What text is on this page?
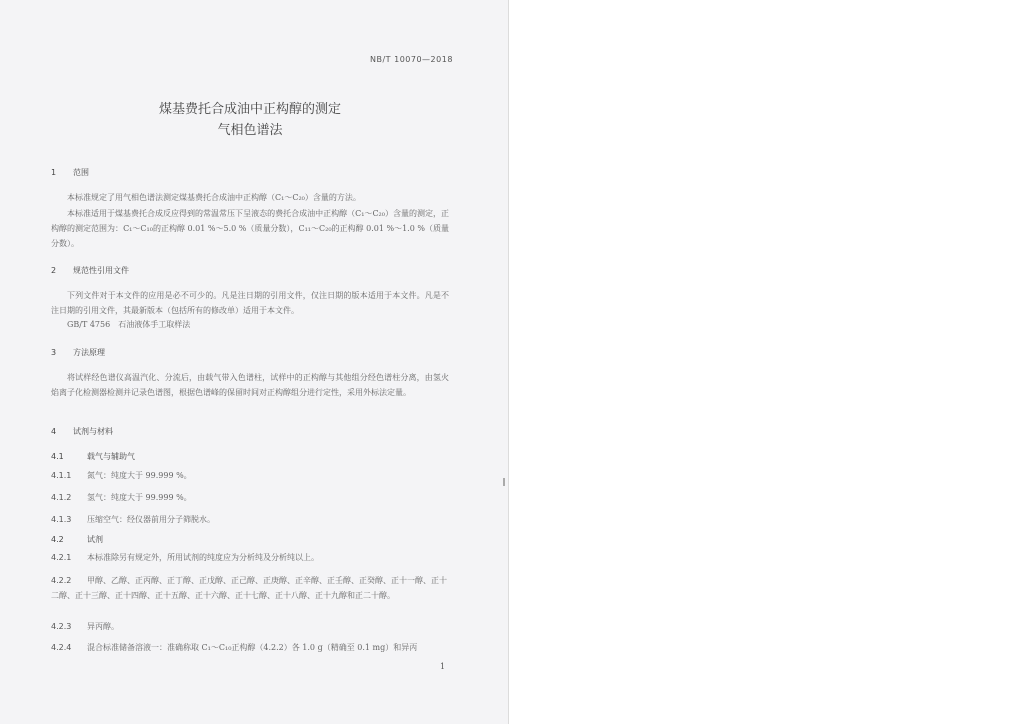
NB/T 10070—2018
煤基费托合成油中正构醇的测定
气相色谱法
1 范围
本标准规定了用气相色谱法测定煤基费托合成油中正构醇（C₁～C₂₀）含量的方法。
本标准适用于煤基费托合成反应得到的常温常压下呈液态的费托合成油中正构醇（C₁～C₂₀）含量的测定，正构醇的测定范围为：C₁～C₁₀的正构醇 0.01 %～5.0 %（质量分数），C₁₁～C₂₀的正构醇 0.01 %～1.0 %（质量分数）。
2 规范性引用文件
下列文件对于本文件的应用是必不可少的。凡是注日期的引用文件，仅注日期的版本适用于本文件。凡是不注日期的引用文件，其最新版本（包括所有的修改单）适用于本文件。
GB/T 4756　石油液体手工取样法
3 方法原理
将试样经色谱仪高温汽化、分流后，由载气带入色谱柱，试样中的正构醇与其他组分经色谱柱分离，由氢火焰离子化检测器检测并记录色谱图，根据色谱峰的保留时间对正构醇组分进行定性，采用外标法定量。
4 试剂与材料
4.1	载气与辅助气
4.1.1 氮气：纯度大于 99.999 %。
4.1.2 氢气：纯度大于 99.999 %。
4.1.3 压缩空气：经仪器前用分子筛脱水。
4.2	试剂
4.2.1 本标准除另有规定外，所用试剂的纯度应为分析纯及分析纯以上。
4.2.2 甲醇、乙醇、正丙醇、正丁醇、正戊醇、正己醇、正庚醇、正辛醇、正壬醇、正癸醇、正十一醇、正十二醇、正十三醇、正十四醇、正十五醇、正十六醇、正十七醇、正十八醇、正十九醇和正二十醇。
4.2.3 异丙醇。
4.2.4 混合标准储备溶液一：准确称取 C₁～C₁₀正构醇（4.2.2）各 1.0 g（精确至 0.1 mg）和异丙
1
